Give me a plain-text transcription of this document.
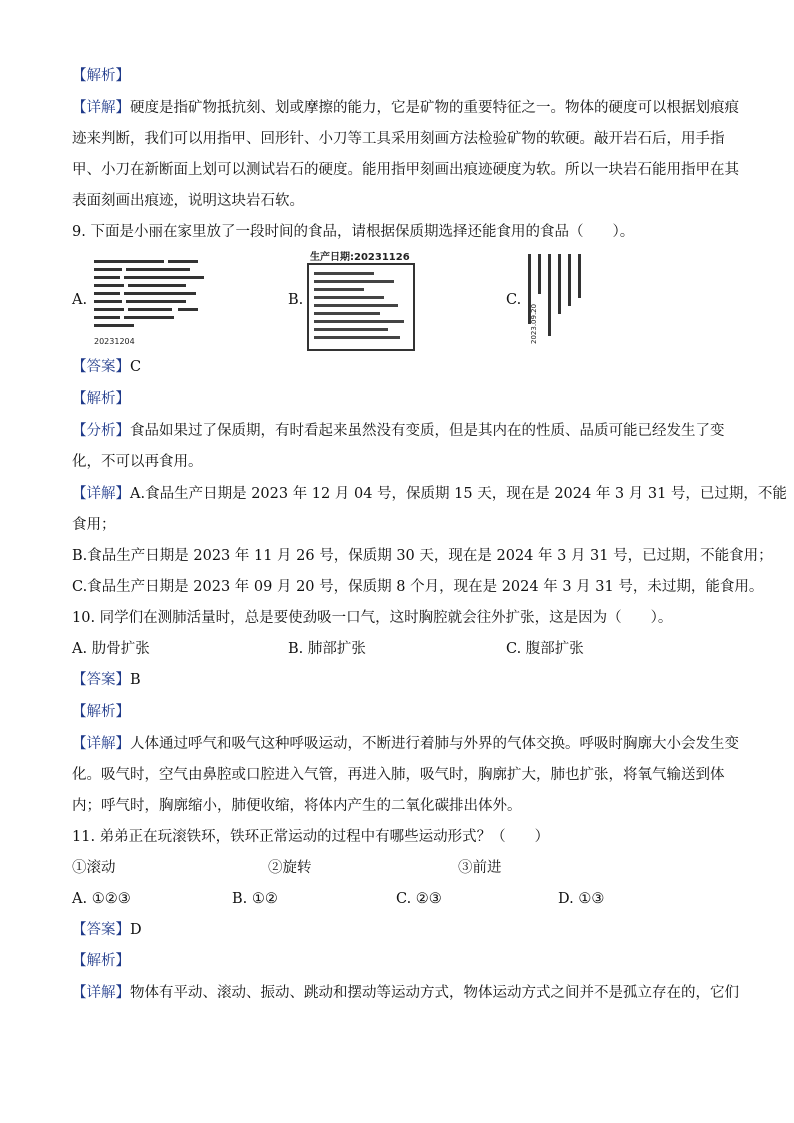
【解析】
【详解】硬度是指矿物抵抗刻、划或摩擦的能力，它是矿物的重要特征之一。物体的硬度可以根据划痕痕
迹来判断，我们可以用指甲、回形针、小刀等工具采用刻画方法检验矿物的软硬。敲开岩石后，用手指
甲、小刀在新断面上划可以测试岩石的硬度。能用指甲刻画出痕迹硬度为软。所以一块岩石能用指甲在其
表面刻画出痕迹，说明这块岩石软。
9. 下面是小丽在家里放了一段时间的食品，请根据保质期选择还能食用的食品（　　）。
A.
20231204
B.
生产日期:20231126
C.
2023.09.20
【答案】C
【解析】
【分析】食品如果过了保质期，有时看起来虽然没有变质，但是其内在的性质、品质可能已经发生了变
化，不可以再食用。
【详解】A.食品生产日期是 2023 年 12 月 04 号，保质期 15 天，现在是 2024 年 3 月 31 号，已过期，不能
食用；
B.食品生产日期是 2023 年 11 月 26 号，保质期 30 天，现在是 2024 年 3 月 31 号，已过期，不能食用；
C.食品生产日期是 2023 年 09 月 20 号，保质期 8 个月，现在是 2024 年 3 月 31 号，未过期，能食用。
10. 同学们在测肺活量时，总是要使劲吸一口气，这时胸腔就会往外扩张，这是因为（　　）。
A. 肋骨扩张	B. 肺部扩张	C. 腹部扩张
【答案】B
【解析】
【详解】人体通过呼气和吸气这种呼吸运动，不断进行着肺与外界的气体交换。呼吸时胸廓大小会发生变
化。吸气时，空气由鼻腔或口腔进入气管，再进入肺，吸气时，胸廓扩大，肺也扩张，将氧气输送到体
内；呼气时，胸廓缩小，肺便收缩，将体内产生的二氧化碳排出体外。
11. 弟弟正在玩滚铁环，铁环正常运动的过程中有哪些运动形式？（　　）
①滚动	②旋转	③前进
A. ①②③	B. ①②	C. ②③	D. ①③
【答案】D
【解析】
【详解】物体有平动、滚动、振动、跳动和摆动等运动方式，物体运动方式之间并不是孤立存在的，它们
